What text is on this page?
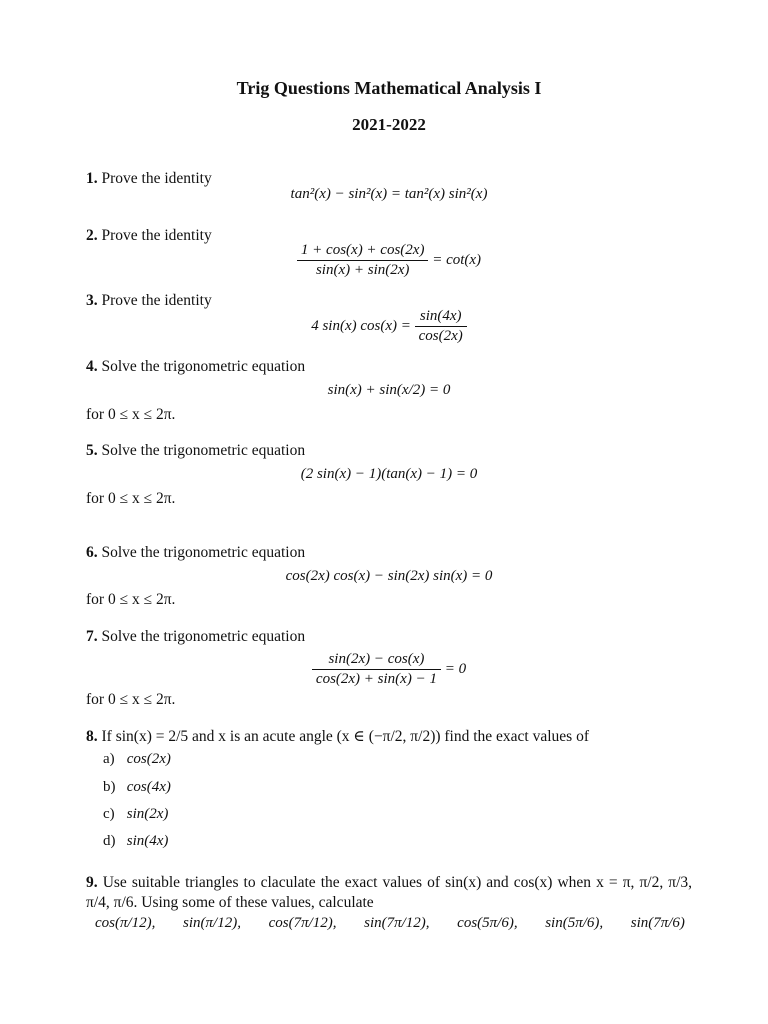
Trig Questions Mathematical Analysis I
2021-2022
1. Prove the identity
tan²(x) − sin²(x) = tan²(x) sin²(x)
2. Prove the identity
$\frac{1 + \cos(x) + \cos(2x)}{\sin(x) + \sin(2x)} = \cot(x)$
3. Prove the identity
4 sin(x) $\cos(x) = \frac{\sin(4x)}{\cos(2x)}$
4. Solve the trigonometric equation
sin(x) + sin(x/2) = 0
for 0 ≤ x ≤ 2π.
5. Solve the trigonometric equation
(2 sin(x) − 1)(tan(x) − 1) = 0
for 0 ≤ x ≤ 2π.
6. Solve the trigonometric equation
cos(2x) cos(x) − sin(2x) sin(x) = 0
for 0 ≤ x ≤ 2π.
7. Solve the trigonometric equation
$\frac{\sin(2x) - \cos(x)}{\cos(2x) + \sin(x) - 1} = 0$
for 0 ≤ x ≤ 2π.
8. If sin(x) = 2/5 and x is an acute angle (x ∈ (−π/2, π/2)) find the exact values of
a) cos(2x)
b) cos(4x)
c) sin(2x)
d) sin(4x)
9. Use suitable triangles to claculate the exact values of sin(x) and cos(x) when x = π, π/2, π/3, π/4, π/6. Using some of these values, calculate
cos(π/12), sin(π/12), cos(7π/12), sin(7π/12), cos(5π/6), sin(5π/6), sin(7π/6)
